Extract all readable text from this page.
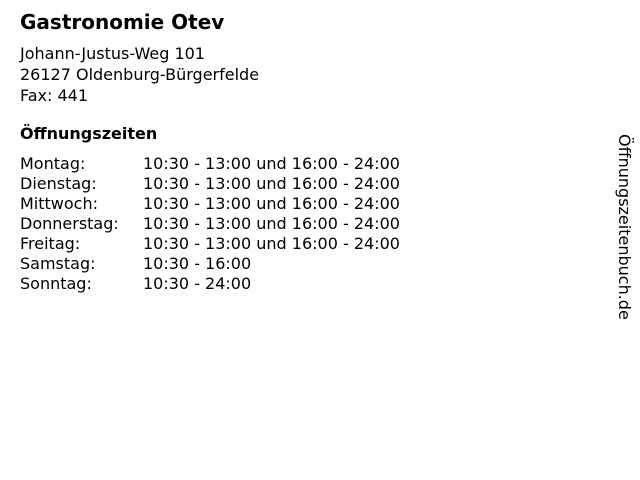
Gastronomie Otev
Johann-Justus-Weg 101
26127 Oldenburg-Bürgerfelde
Fax: 441
Öffnungszeiten
Montag:	10:30 - 13:00 und 16:00 - 24:00
Dienstag:	10:30 - 13:00 und 16:00 - 24:00
Mittwoch:	10:30 - 13:00 und 16:00 - 24:00
Donnerstag:	10:30 - 13:00 und 16:00 - 24:00
Freitag:	10:30 - 13:00 und 16:00 - 24:00
Samstag:	10:30 - 16:00
Sonntag:	10:30 - 24:00	Öffnungszeitenbuch.de
